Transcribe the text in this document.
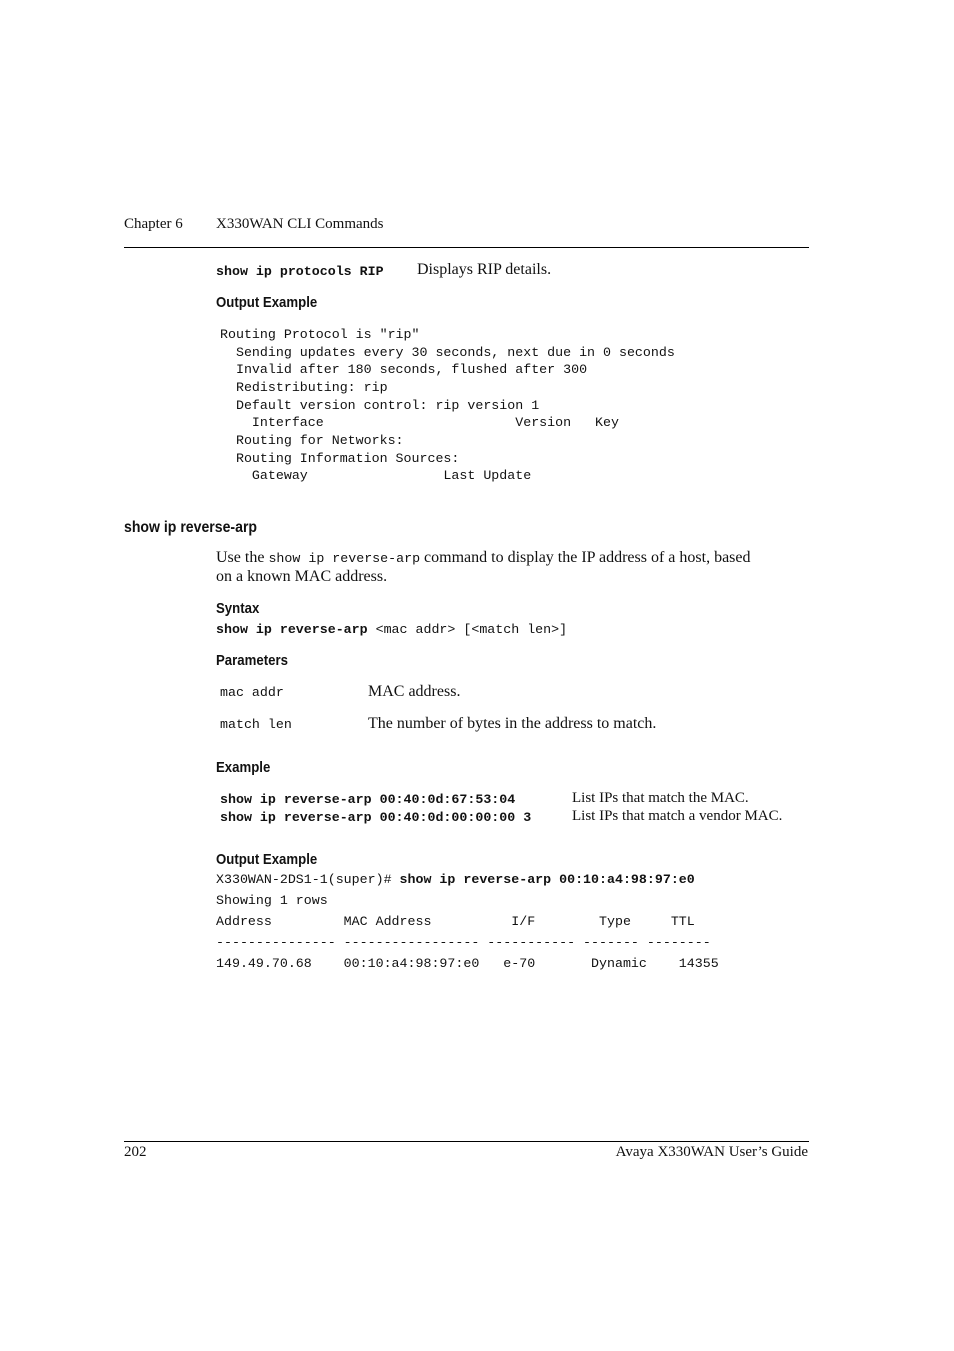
Chapter 6 X330WAN CLI Commands
show ip protocols RIP Displays RIP details.
Output Example
Routing Protocol is "rip"
Sending updates every 30 seconds, next due in 0 seconds
Invalid after 180 seconds, flushed after 300
Redistributing: rip
Default version control: rip version 1
Interface                        Version   Key
Routing for Networks:
Routing Information Sources:
Gateway                 Last Update
show ip reverse-arp
Use the show ip reverse-arp command to display the IP address of a host, based
on a known MAC address.
Syntax
show ip reverse-arp <mac addr> [<match len>]
Parameters
mac addr	MAC address.
match len	The number of bytes in the address to match.
Example
show ip reverse-arp 00:40:0d:67:53:04	List IPs that match the MAC.
show ip reverse-arp 00:40:0d:00:00:00 3	List IPs that match a vendor MAC.
Output Example
X330WAN-2DS1-1(super)# show ip reverse-arp 00:10:a4:98:97:e0
Showing 1 rows
Address         MAC Address          I/F        Type     TTL
--------------- ----------------- ----------- ------- --------
149.49.70.68    00:10:a4:98:97:e0   e-70       Dynamic    14355
202	Avaya X330WAN User’s Guide
